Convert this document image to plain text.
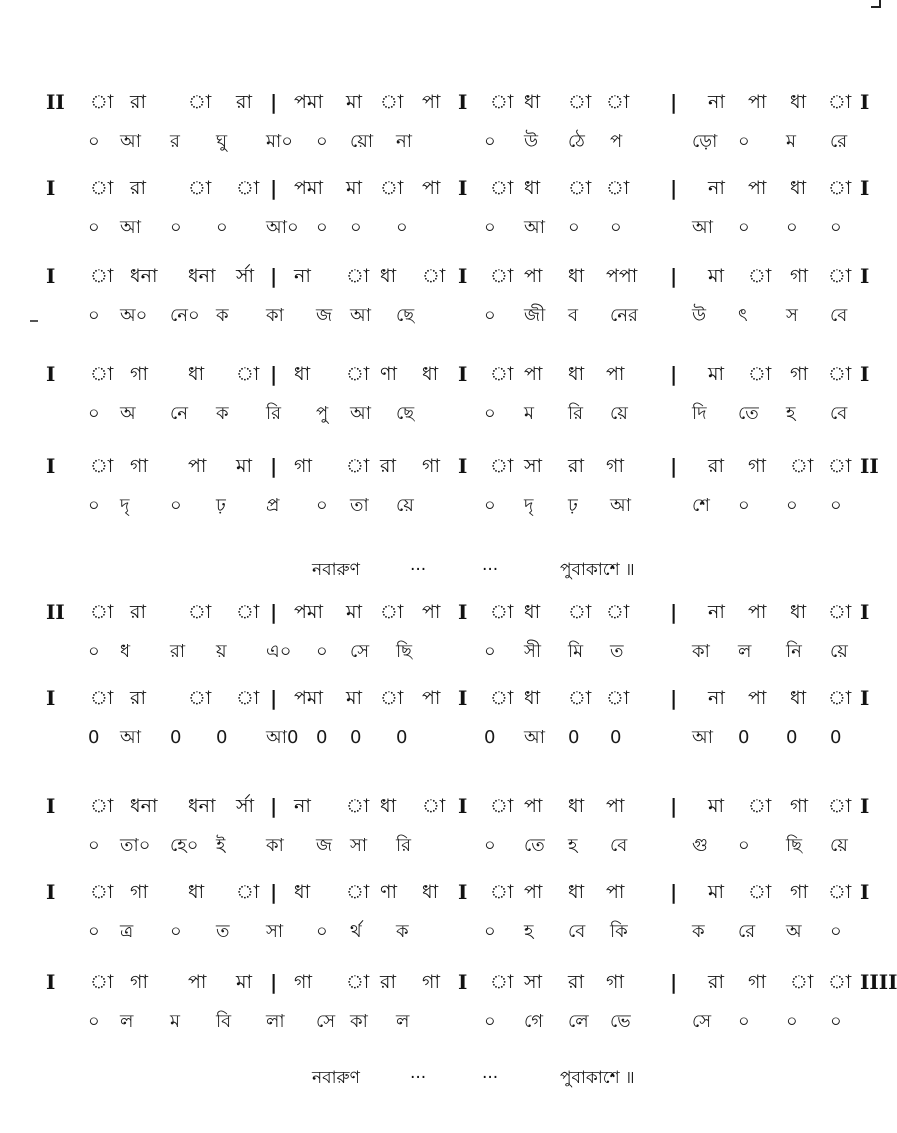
II া রা া রা | পমা মা া পা I া ধা া া | না পা ধা া I
০ আ র ঘু মা০ ০ য়ো না	০ উ ঠে প	ড়ো ০ ম রে
I া রা া া | পমা মা া পা I া ধা া া | না পা ধা া I
০ আ ০ ০ আ০ ০ ০ ০	০ আ ০ ০	আ ০ ০ ০
I া ধনা ধনা র্সা | না া ধা া I া পা ধা পপা | মা া গা া I
০ অ০ নে০ ক কা জ আ ছে	০ জী ব নের	উ ৎ স বে
I া গা ধা া | ধা া ণা ধা I া পা ধা পা | মা া গা া I
০ অ নে ক রি পু আ ছে	০ ম রি য়ে	দি তে হ বে
I া গা পা মা | গা া রা গা I া সা রা গা | রা গা া া II
০ দৃ ০ ঢ় প্র ০ তা য়ে	০ দৃ ঢ় আ	শে ০ ০ ০
নবারুণ	···	···	পুবাকাশে ॥
II া রা া া | পমা মা া পা I া ধা া া | না পা ধা া I
০ ধ রা য় এ০ ০ সে ছি	০ সী মি ত	কা ল নি য়ে
I া রা া া | পমা মা া পা I া ধা া া | না পা ধা া I
0 আ 0 0 আ0 0 0 0	0 আ 0 0	আ 0 0 0
I া ধনা ধনা র্সা | না া ধা া I া পা ধা পা | মা া গা া I
০ তা০ হে০ ই কা জ সা রি	০ তে হ বে	গু ০ ছি য়ে
I া গা ধা া | ধা া ণা ধা I া পা ধা পা | মা া গা া I
০ ত্র ০ ত সা ০ র্থ ক	০ হ বে কি	ক রে অ ০
I া গা পা মা | গা া রা গা I া সা রা গা | রা গা া া IIII
০ ল ম বি লা সে কা ল	০ গে লে ভে	সে ০ ০ ০
নবারুণ	···	···	পুবাকাশে ॥
